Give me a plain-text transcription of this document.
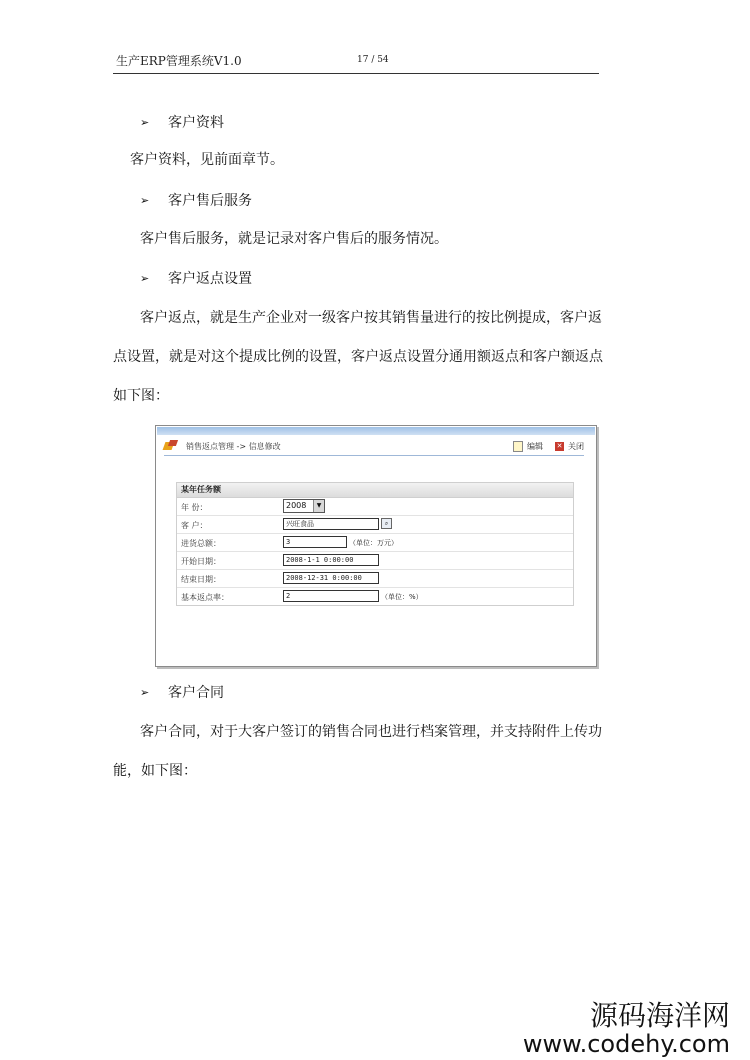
生产ERP管理系统V1.0	17 / 54
➢	客户资料
客户资料，见前面章节。
➢	客户售后服务
客户售后服务，就是记录对客户售后的服务情况。
➢	客户返点设置
客户返点，就是生产企业对一级客户按其销售量进行的按比例提成，客户返
点设置，就是对这个提成比例的设置，客户返点设置分通用额返点和客户额返点
如下图：
销售返点管理 -> 信息修改	编辑 ✕ 关闭
某年任务额
年 份：	2008	▼
客 户：	兴旺食品	⌕
进货总额：	3	（单位：万元）
开始日期：	2008-1-1 0:00:00
结束日期：	2008-12-31 0:00:00
基本返点率：	2	（单位：%）
➢	客户合同
客户合同，对于大客户签订的销售合同也进行档案管理，并支持附件上传功
能，如下图：
源码海洋网
www.codehy.com
